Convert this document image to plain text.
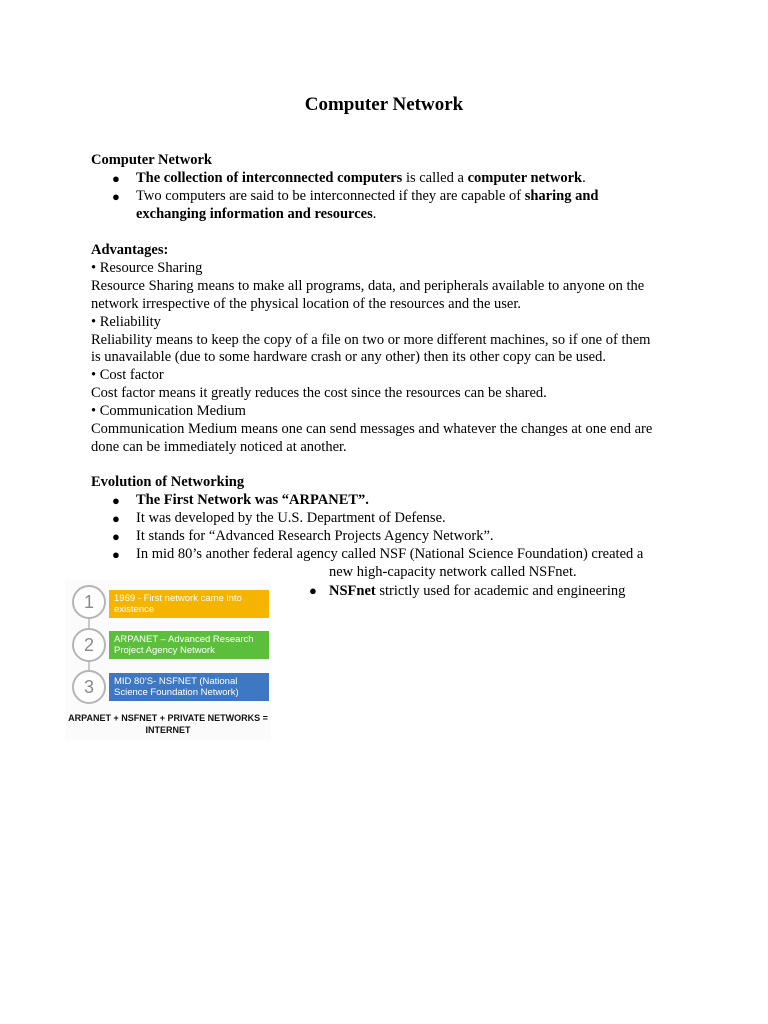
Computer Network
Computer Network
● The collection of interconnected computers is called a computer network.
● Two computers are said to be interconnected if they are capable of sharing and
exchanging information and resources.
Advantages:
• Resource Sharing
Resource Sharing means to make all programs, data, and peripherals available to anyone on the
network irrespective of the physical location of the resources and the user.
• Reliability
Reliability means to keep the copy of a file on two or more different machines, so if one of them
is unavailable (due to some hardware crash or any other) then its other copy can be used.
• Cost factor
Cost factor means it greatly reduces the cost since the resources can be shared.
• Communication Medium
Communication Medium means one can send messages and whatever the changes at one end are
done can be immediately noticed at another.
Evolution of Networking
● The First Network was “ARPANET”.
● It was developed by the U.S. Department of Defense.
● It stands for “Advanced Research Projects Agency Network”.
● In mid 80’s another federal agency called NSF (National Science Foundation) created a
new high-capacity network called NSFnet.
● NSFnet strictly used for academic and engineering
1	1969 - First network came into existence
2	ARPANET – Advanced Research Project Agency Network
3	MID 80’S- NSFNET (National Science Foundation Network)
ARPANET + NSFNET + PRIVATE NETWORKS =
INTERNET
